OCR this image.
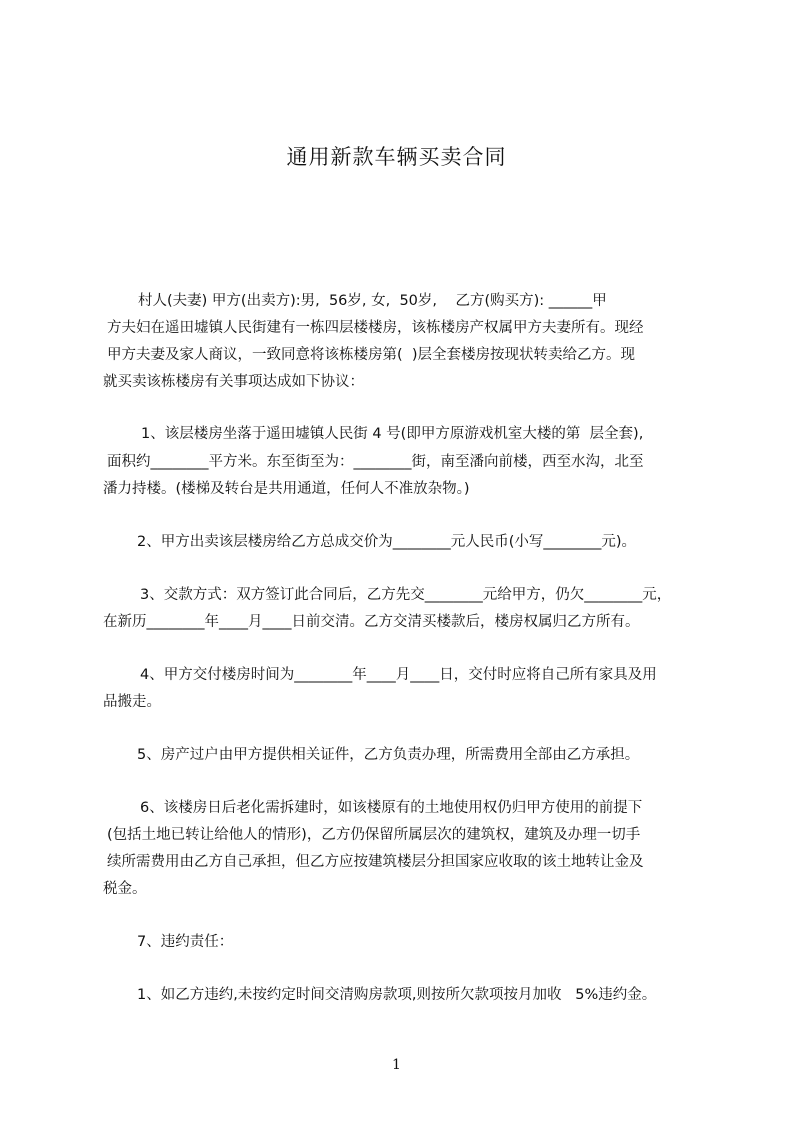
通用新款车辆买卖合同
村人(夫妻) 甲方(出卖方):男,  56岁, 女,  50岁,    乙方(购买方): ______甲
方夫妇在遥田墟镇人民街建有一栋四层楼楼房，该栋楼房产权属甲方夫妻所有。现经
甲方夫妻及家人商议，一致同意将该栋楼房第(  )层全套楼房按现状转卖给乙方。现
就买卖该栋楼房有关事项达成如下协议：
1、该层楼房坐落于遥田墟镇人民街 4 号(即甲方原游戏机室大楼的第  层全套),
面积约________平方米。东至街至为：________街，南至潘向前楼，西至水沟，北至
潘力持楼。(楼梯及转台是共用通道，任何人不准放杂物。)
2、甲方出卖该层楼房给乙方总成交价为________元人民币(小写________元)。
3、交款方式：双方签订此合同后，乙方先交________元给甲方，仍欠________元，
在新历________年____月____日前交清。乙方交清买楼款后，楼房权属归乙方所有。
4、甲方交付楼房时间为________年____月____日，交付时应将自己所有家具及用
品搬走。
5、房产过户由甲方提供相关证件，乙方负责办理，所需费用全部由乙方承担。
6、该楼房日后老化需拆建时，如该楼原有的土地使用权仍归甲方使用的前提下
(包括土地已转让给他人的情形)，乙方仍保留所属层次的建筑权，建筑及办理一切手
续所需费用由乙方自己承担，但乙方应按建筑楼层分担国家应收取的该土地转让金及
税金。
7、违约责任：
1、如乙方违约,未按约定时间交清购房款项,则按所欠款项按月加收   5%违约金。
1
